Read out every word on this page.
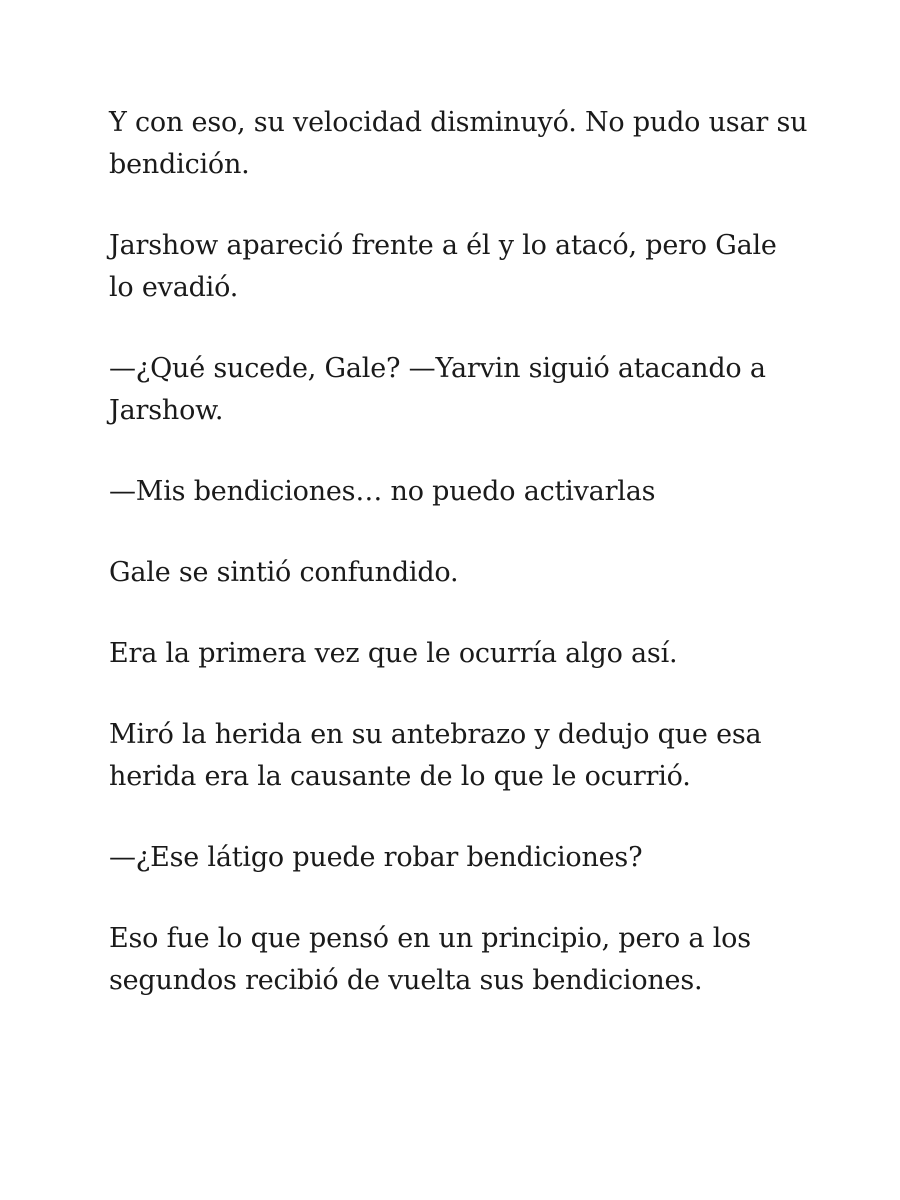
Y con eso, su velocidad disminuyó. No pudo usar su bendición.

Jarshow apareció frente a él y lo atacó, pero Gale lo evadió.

—¿Qué sucede, Gale? —Yarvin siguió atacando a Jarshow.

—Mis bendiciones… no puedo activarlas

Gale se sintió confundido.

Era la primera vez que le ocurría algo así.

Miró la herida en su antebrazo y dedujo que esa herida era la causante de lo que le ocurrió.

—¿Ese látigo puede robar bendiciones?

Eso fue lo que pensó en un principio, pero a los segundos recibió de vuelta sus bendiciones.
